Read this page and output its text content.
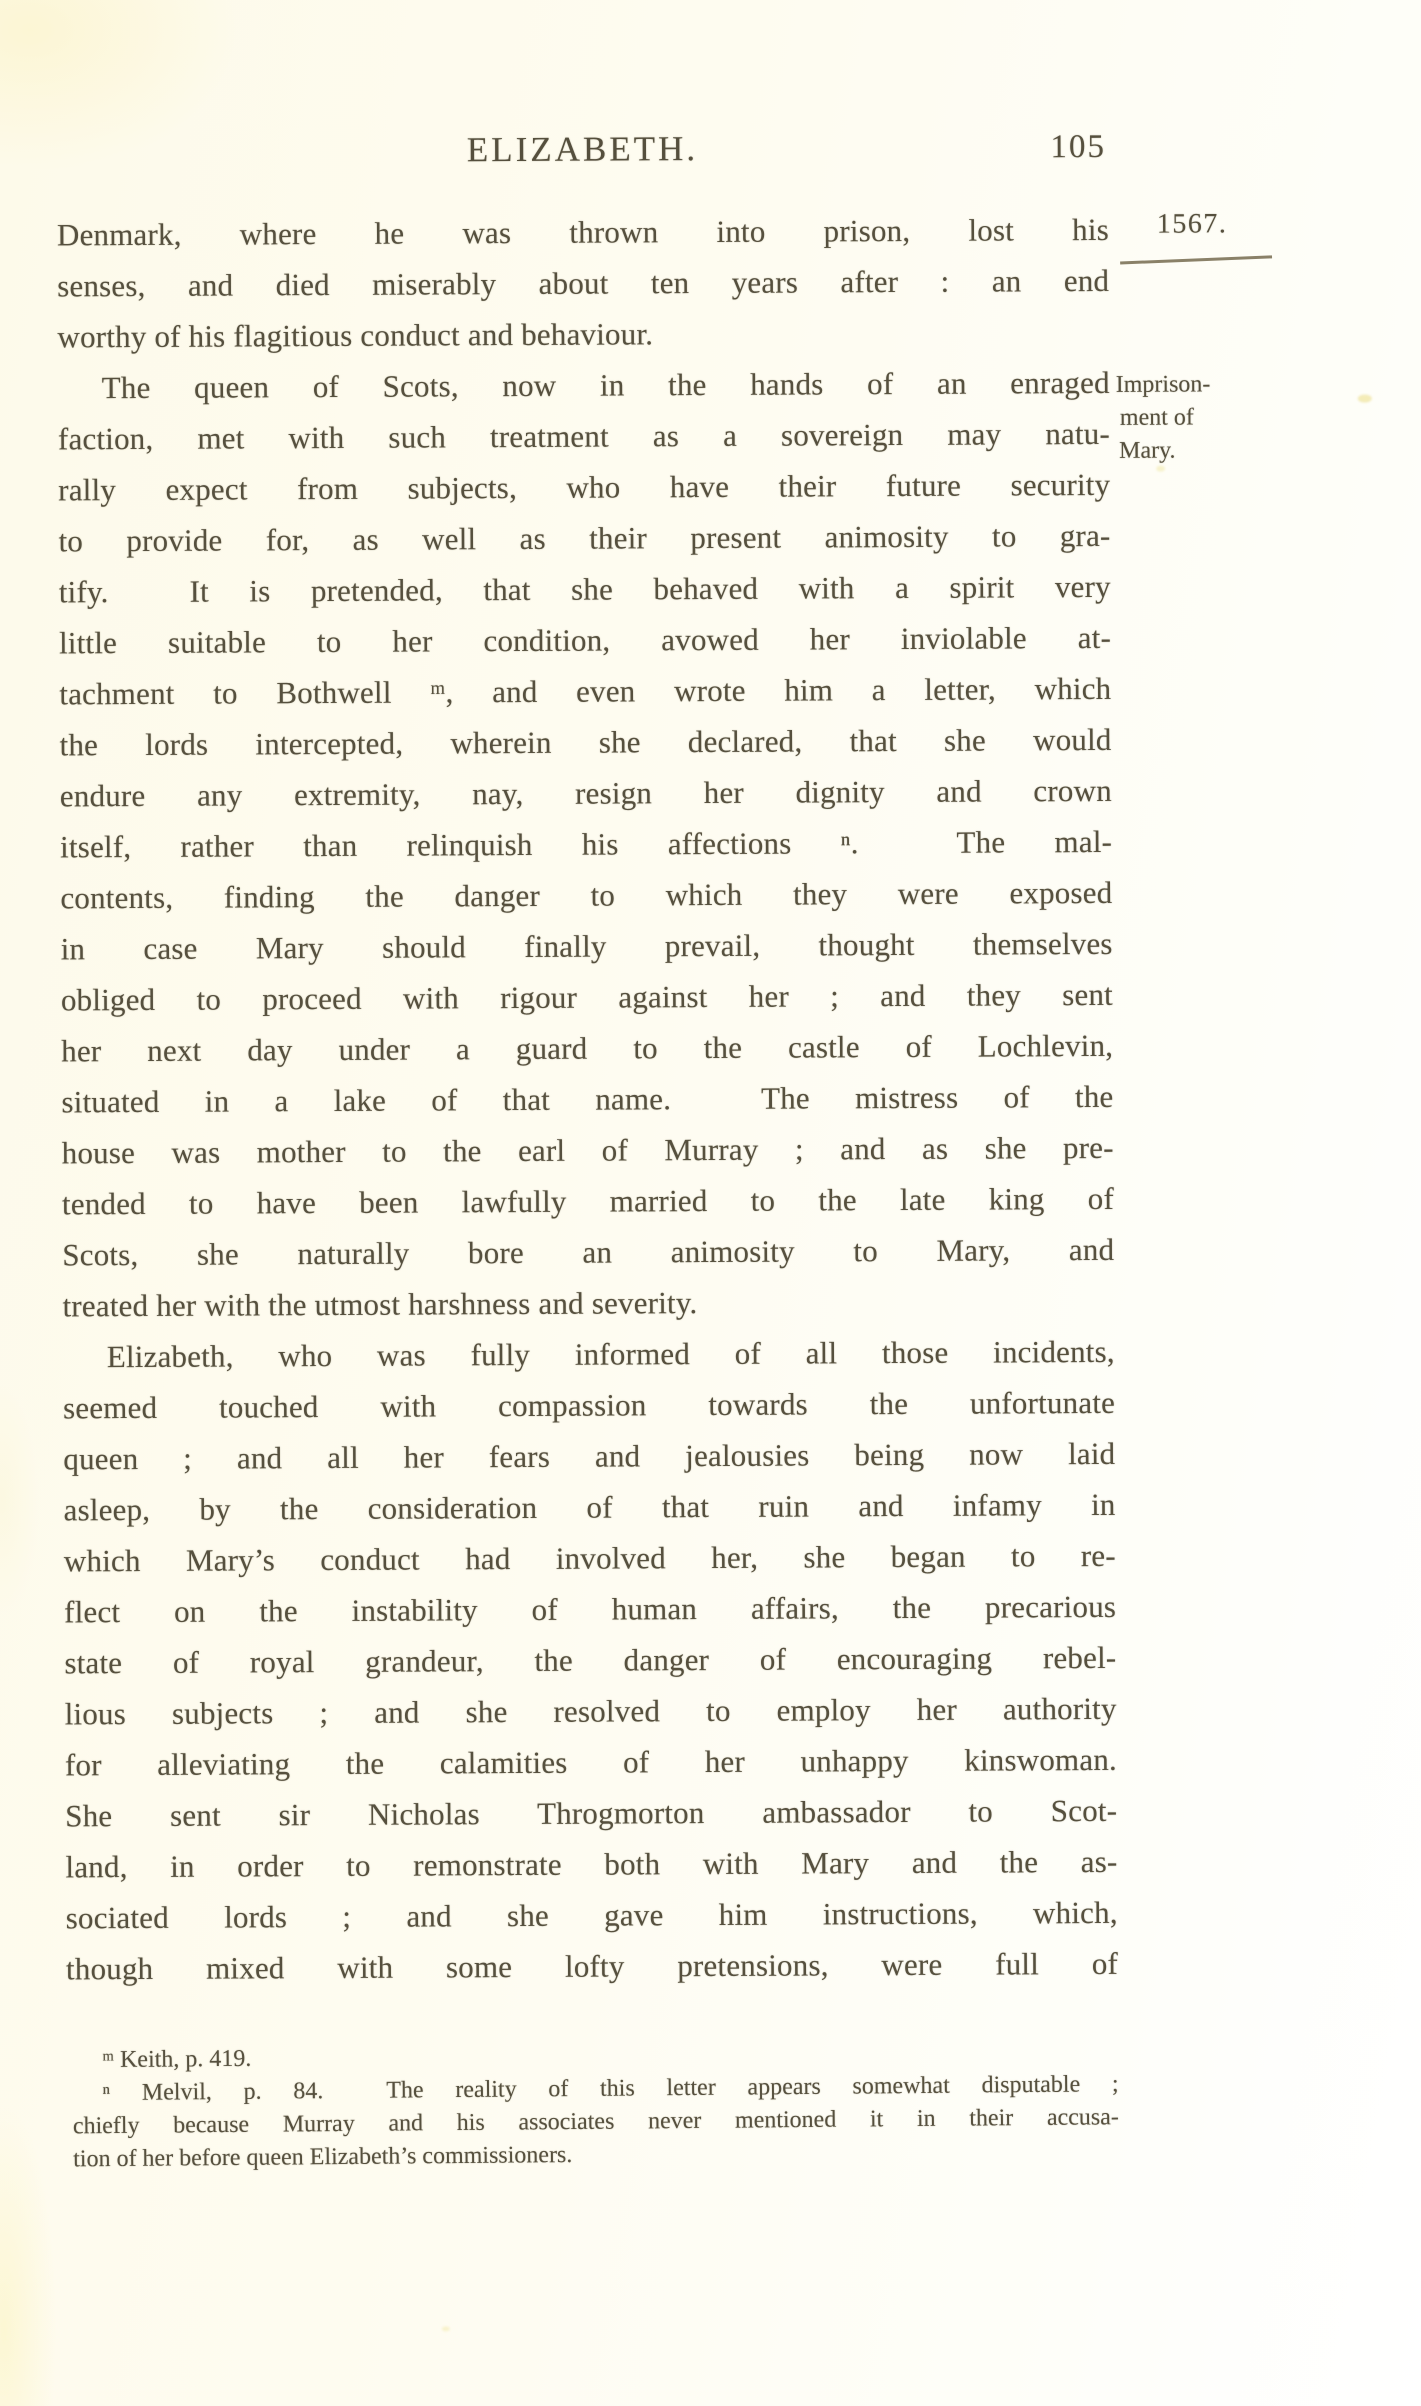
ELIZABETH.	105
1567.
Imprison-
ment of
Mary.
Denmark, where he was thrown into prison, lost his
senses, and died miserably about ten years after : an end
worthy of his flagitious conduct and behaviour.
The queen of Scots, now in the hands of an enraged
faction, met with such treatment as a sovereign may natu-
rally expect from subjects, who have their future security
to provide for, as well as their present animosity to gra-
tify.  It is pretended, that she behaved with a spirit very
little suitable to her condition, avowed her inviolable at-
tachment to Bothwell ᵐ, and even wrote him a letter, which
the lords intercepted, wherein she declared, that she would
endure any extremity, nay, resign her dignity and crown
itself, rather than relinquish his affections ⁿ.  The mal-
contents, finding the danger to which they were exposed
in case Mary should finally prevail, thought themselves
obliged to proceed with rigour against her ; and they sent
her next day under a guard to the castle of Lochlevin,
situated in a lake of that name.  The mistress of the
house was mother to the earl of Murray ; and as she pre-
tended to have been lawfully married to the late king of
Scots, she naturally bore an animosity to Mary, and
treated her with the utmost harshness and severity.
Elizabeth, who was fully informed of all those incidents,
seemed touched with compassion towards the unfortunate
queen ; and all her fears and jealousies being now laid
asleep, by the consideration of that ruin and infamy in
which Mary’s conduct had involved her, she began to re-
flect on the instability of human affairs, the precarious
state of royal grandeur, the danger of encouraging rebel-
lious subjects ; and she resolved to employ her authority
for alleviating the calamities of her unhappy kinswoman.
She sent sir Nicholas Throgmorton ambassador to Scot-
land, in order to remonstrate both with Mary and the as-
sociated lords ; and she gave him instructions, which,
though mixed with some lofty pretensions, were full of
ᵐ Keith, p. 419.
ⁿ Melvil, p. 84.  The reality of this letter appears somewhat disputable ;
chiefly because Murray and his associates never mentioned it in their accusa-
tion of her before queen Elizabeth’s commissioners.
